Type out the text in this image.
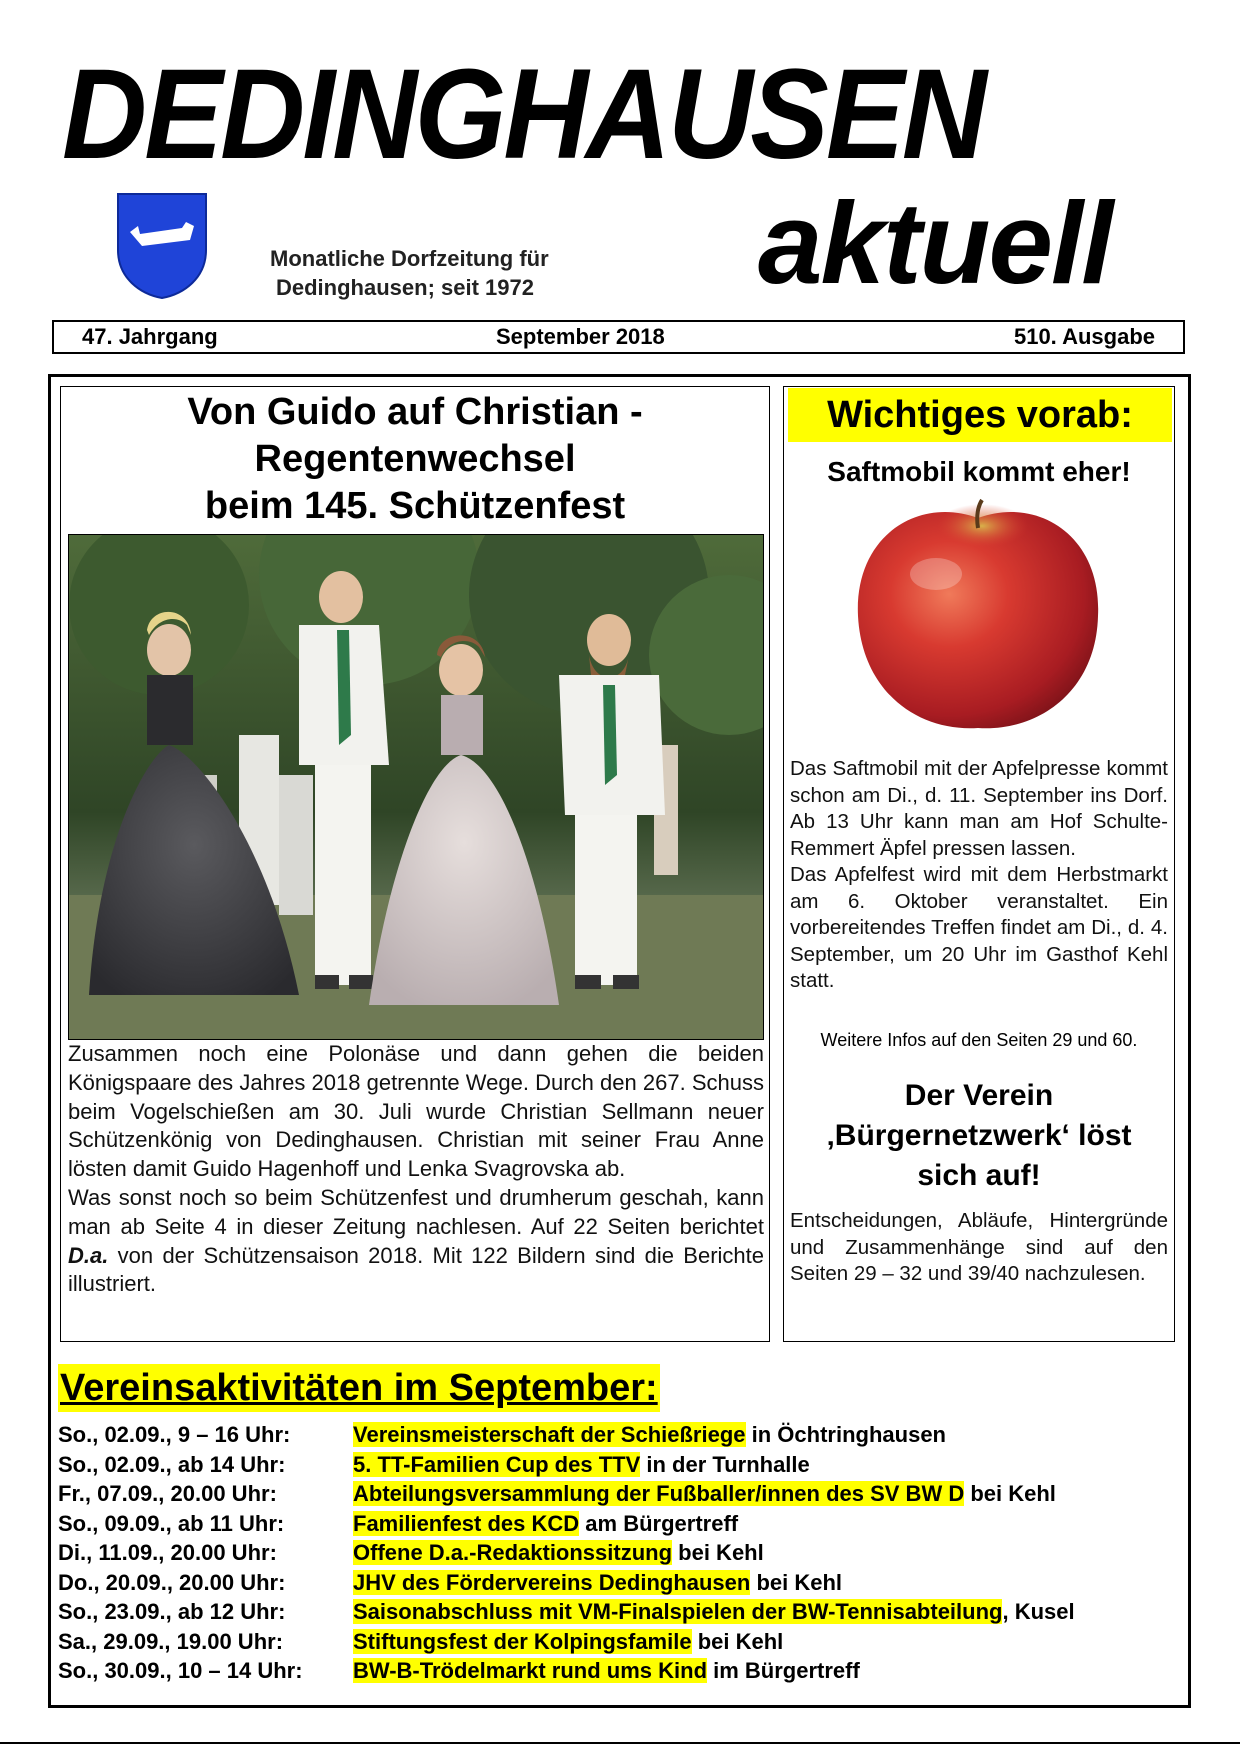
DEDINGHAUSEN
aktuell
Monatliche Dorfzeitung für
Dedinghausen; seit 1972
47. Jahrgang	September 2018	510. Ausgabe
Von Guido auf Christian -
Regentenwechsel
beim 145. Schützenfest

Zusammen noch eine Polonäse und dann gehen die beiden Königspaare des Jahres 2018 getrennte Wege. Durch den 267. Schuss beim Vogelschießen am 30. Juli wurde Christian Sellmann neuer Schützenkönig von Dedinghausen. Christian mit seiner Frau Anne lösten damit Guido Hagenhoff und Lenka Svagrovska ab.

Was sonst noch so beim Schützenfest und drumherum geschah, kann man ab Seite 4 in dieser Zeitung nachlesen. Auf 22 Seiten berichtet D.a. von der Schützensaison 2018. Mit 122 Bildern sind die Berichte illustriert.

Wichtiges vorab:
Saftmobil kommt eher!

Das Saftmobil mit der Apfelpresse kommt schon am Di., d. 11. September ins Dorf. Ab 13 Uhr kann man am Hof Schulte-Remmert Äpfel pressen lassen.

Das Apfelfest wird mit dem Herbstmarkt am 6. Oktober veranstaltet. Ein vorbereitendes Treffen findet am Di., d. 4. September, um 20 Uhr im Gasthof Kehl statt.

Weitere Infos auf den Seiten 29 und 60.
Der Verein
‚Bürgernetzwerk‘ löst
sich auf!
Entscheidungen, Abläufe, Hintergründe und Zusammenhänge sind auf den Seiten 29 – 32 und 39/40 nachzulesen.
Vereinsaktivitäten im September:
So., 02.09., 9 – 16 Uhr:	Vereinsmeisterschaft der Schießriege in Öchtringhausen
So., 02.09., ab 14 Uhr:	5. TT-Familien Cup des TTV in der Turnhalle
Fr., 07.09., 20.00 Uhr:	Abteilungsversammlung der Fußballer/innen des SV BW D bei Kehl
So., 09.09., ab 11 Uhr:	Familienfest des KCD am Bürgertreff
Di., 11.09., 20.00 Uhr:	Offene D.a.-Redaktionssitzung bei Kehl
Do., 20.09., 20.00 Uhr:	JHV des Fördervereins Dedinghausen bei Kehl
So., 23.09., ab 12 Uhr:	Saisonabschluss mit VM-Finalspielen der BW-Tennisabteilung, Kusel
Sa., 29.09., 19.00 Uhr:	Stiftungsfest der Kolpingsfamile bei Kehl
So., 30.09., 10 – 14 Uhr: BW-B-Trödelmarkt rund ums Kind im Bürgertreff
